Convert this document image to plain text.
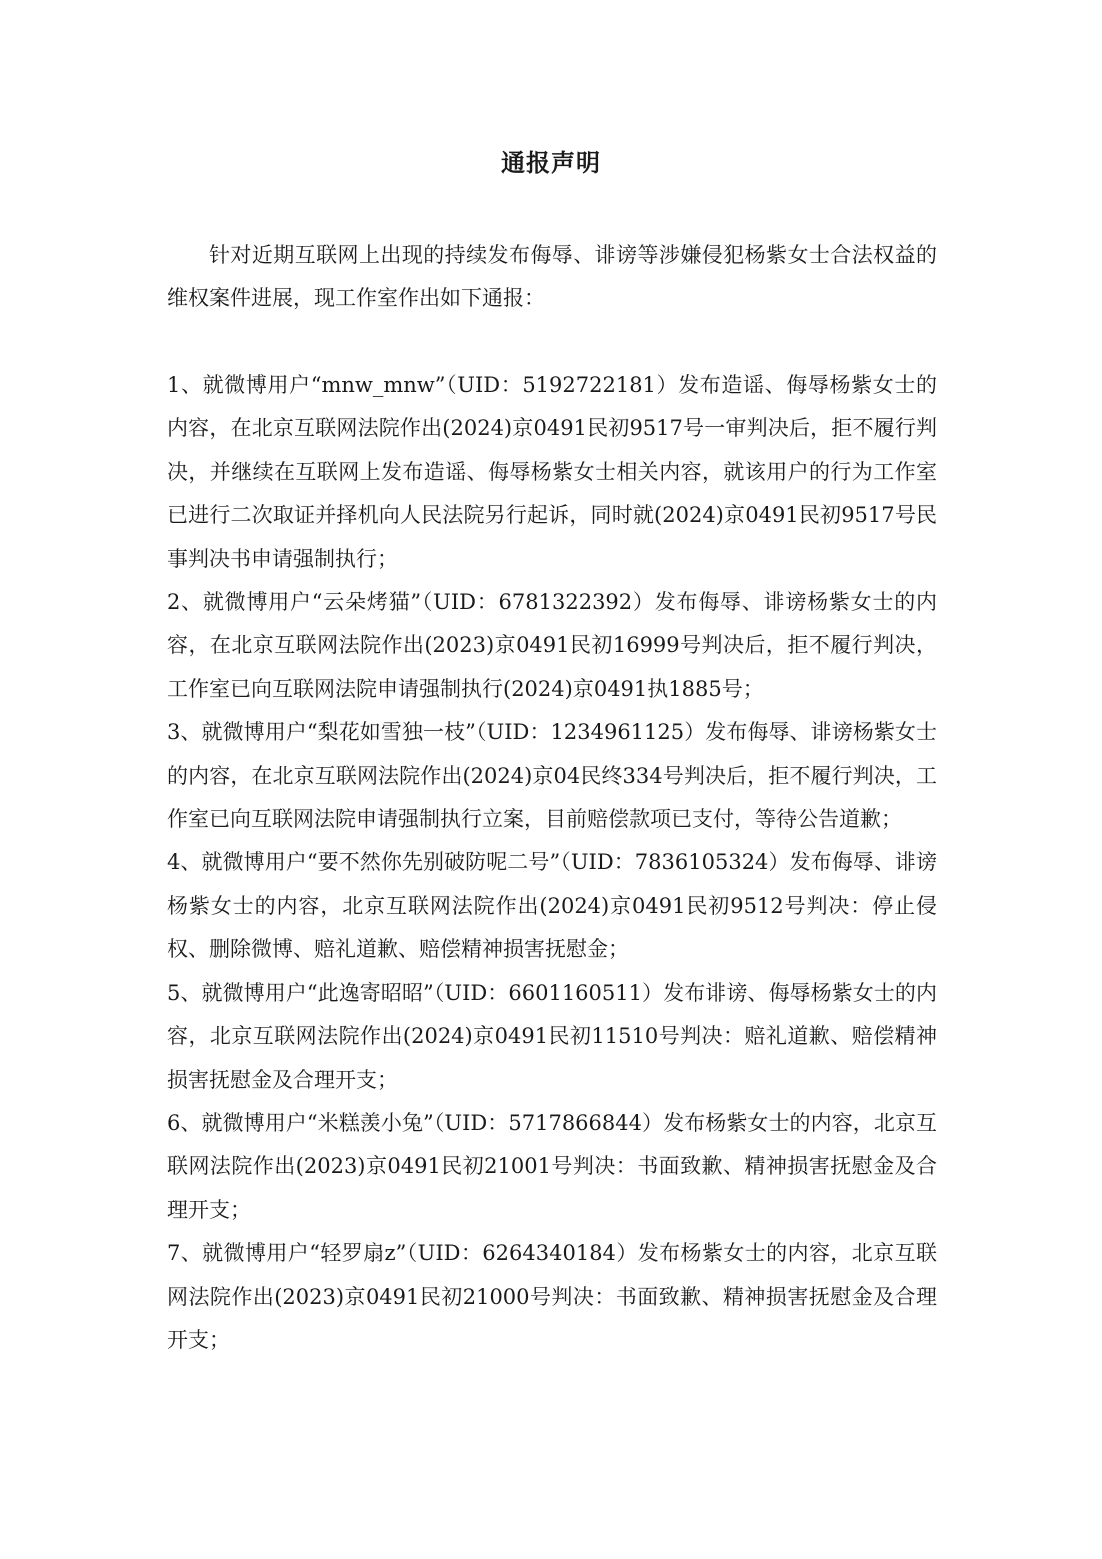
通报声明

针对近期互联网上出现的持续发布侮辱、诽谤等涉嫌侵犯杨紫女士合法权益的维权案件进展，现工作室作出如下通报：

1、就微博用户“mnw_mnw”（UID：5192722181）发布造谣、侮辱杨紫女士的内容，在北京互联网法院作出(2024)京0491民初9517号一审判决后，拒不履行判决，并继续在互联网上发布造谣、侮辱杨紫女士相关内容，就该用户的行为工作室已进行二次取证并择机向人民法院另行起诉，同时就(2024)京0491民初9517号民事判决书申请强制执行；

2、就微博用户“云朵烤猫”（UID：6781322392）发布侮辱、诽谤杨紫女士的内容，在北京互联网法院作出(2023)京0491民初16999号判决后，拒不履行判决，工作室已向互联网法院申请强制执行(2024)京0491执1885号；

3、就微博用户“梨花如雪独一枝”（UID：1234961125）发布侮辱、诽谤杨紫女士的内容，在北京互联网法院作出(2024)京04民终334号判决后，拒不履行判决，工作室已向互联网法院申请强制执行立案，目前赔偿款项已支付，等待公告道歉；

4、就微博用户“要不然你先别破防呢二号”（UID：7836105324）发布侮辱、诽谤杨紫女士的内容，北京互联网法院作出(2024)京0491民初9512号判决：停止侵权、删除微博、赔礼道歉、赔偿精神损害抚慰金；

5、就微博用户“此逸寄昭昭”（UID：6601160511）发布诽谤、侮辱杨紫女士的内容，北京互联网法院作出(2024)京0491民初11510号判决：赔礼道歉、赔偿精神损害抚慰金及合理开支；

6、就微博用户“米糕羡小兔”（UID：5717866844）发布杨紫女士的内容，北京互联网法院作出(2023)京0491民初21001号判决：书面致歉、精神损害抚慰金及合理开支；

7、就微博用户“轻罗扇z”（UID：6264340184）发布杨紫女士的内容，北京互联网法院作出(2023)京0491民初21000号判决：书面致歉、精神损害抚慰金及合理开支；
